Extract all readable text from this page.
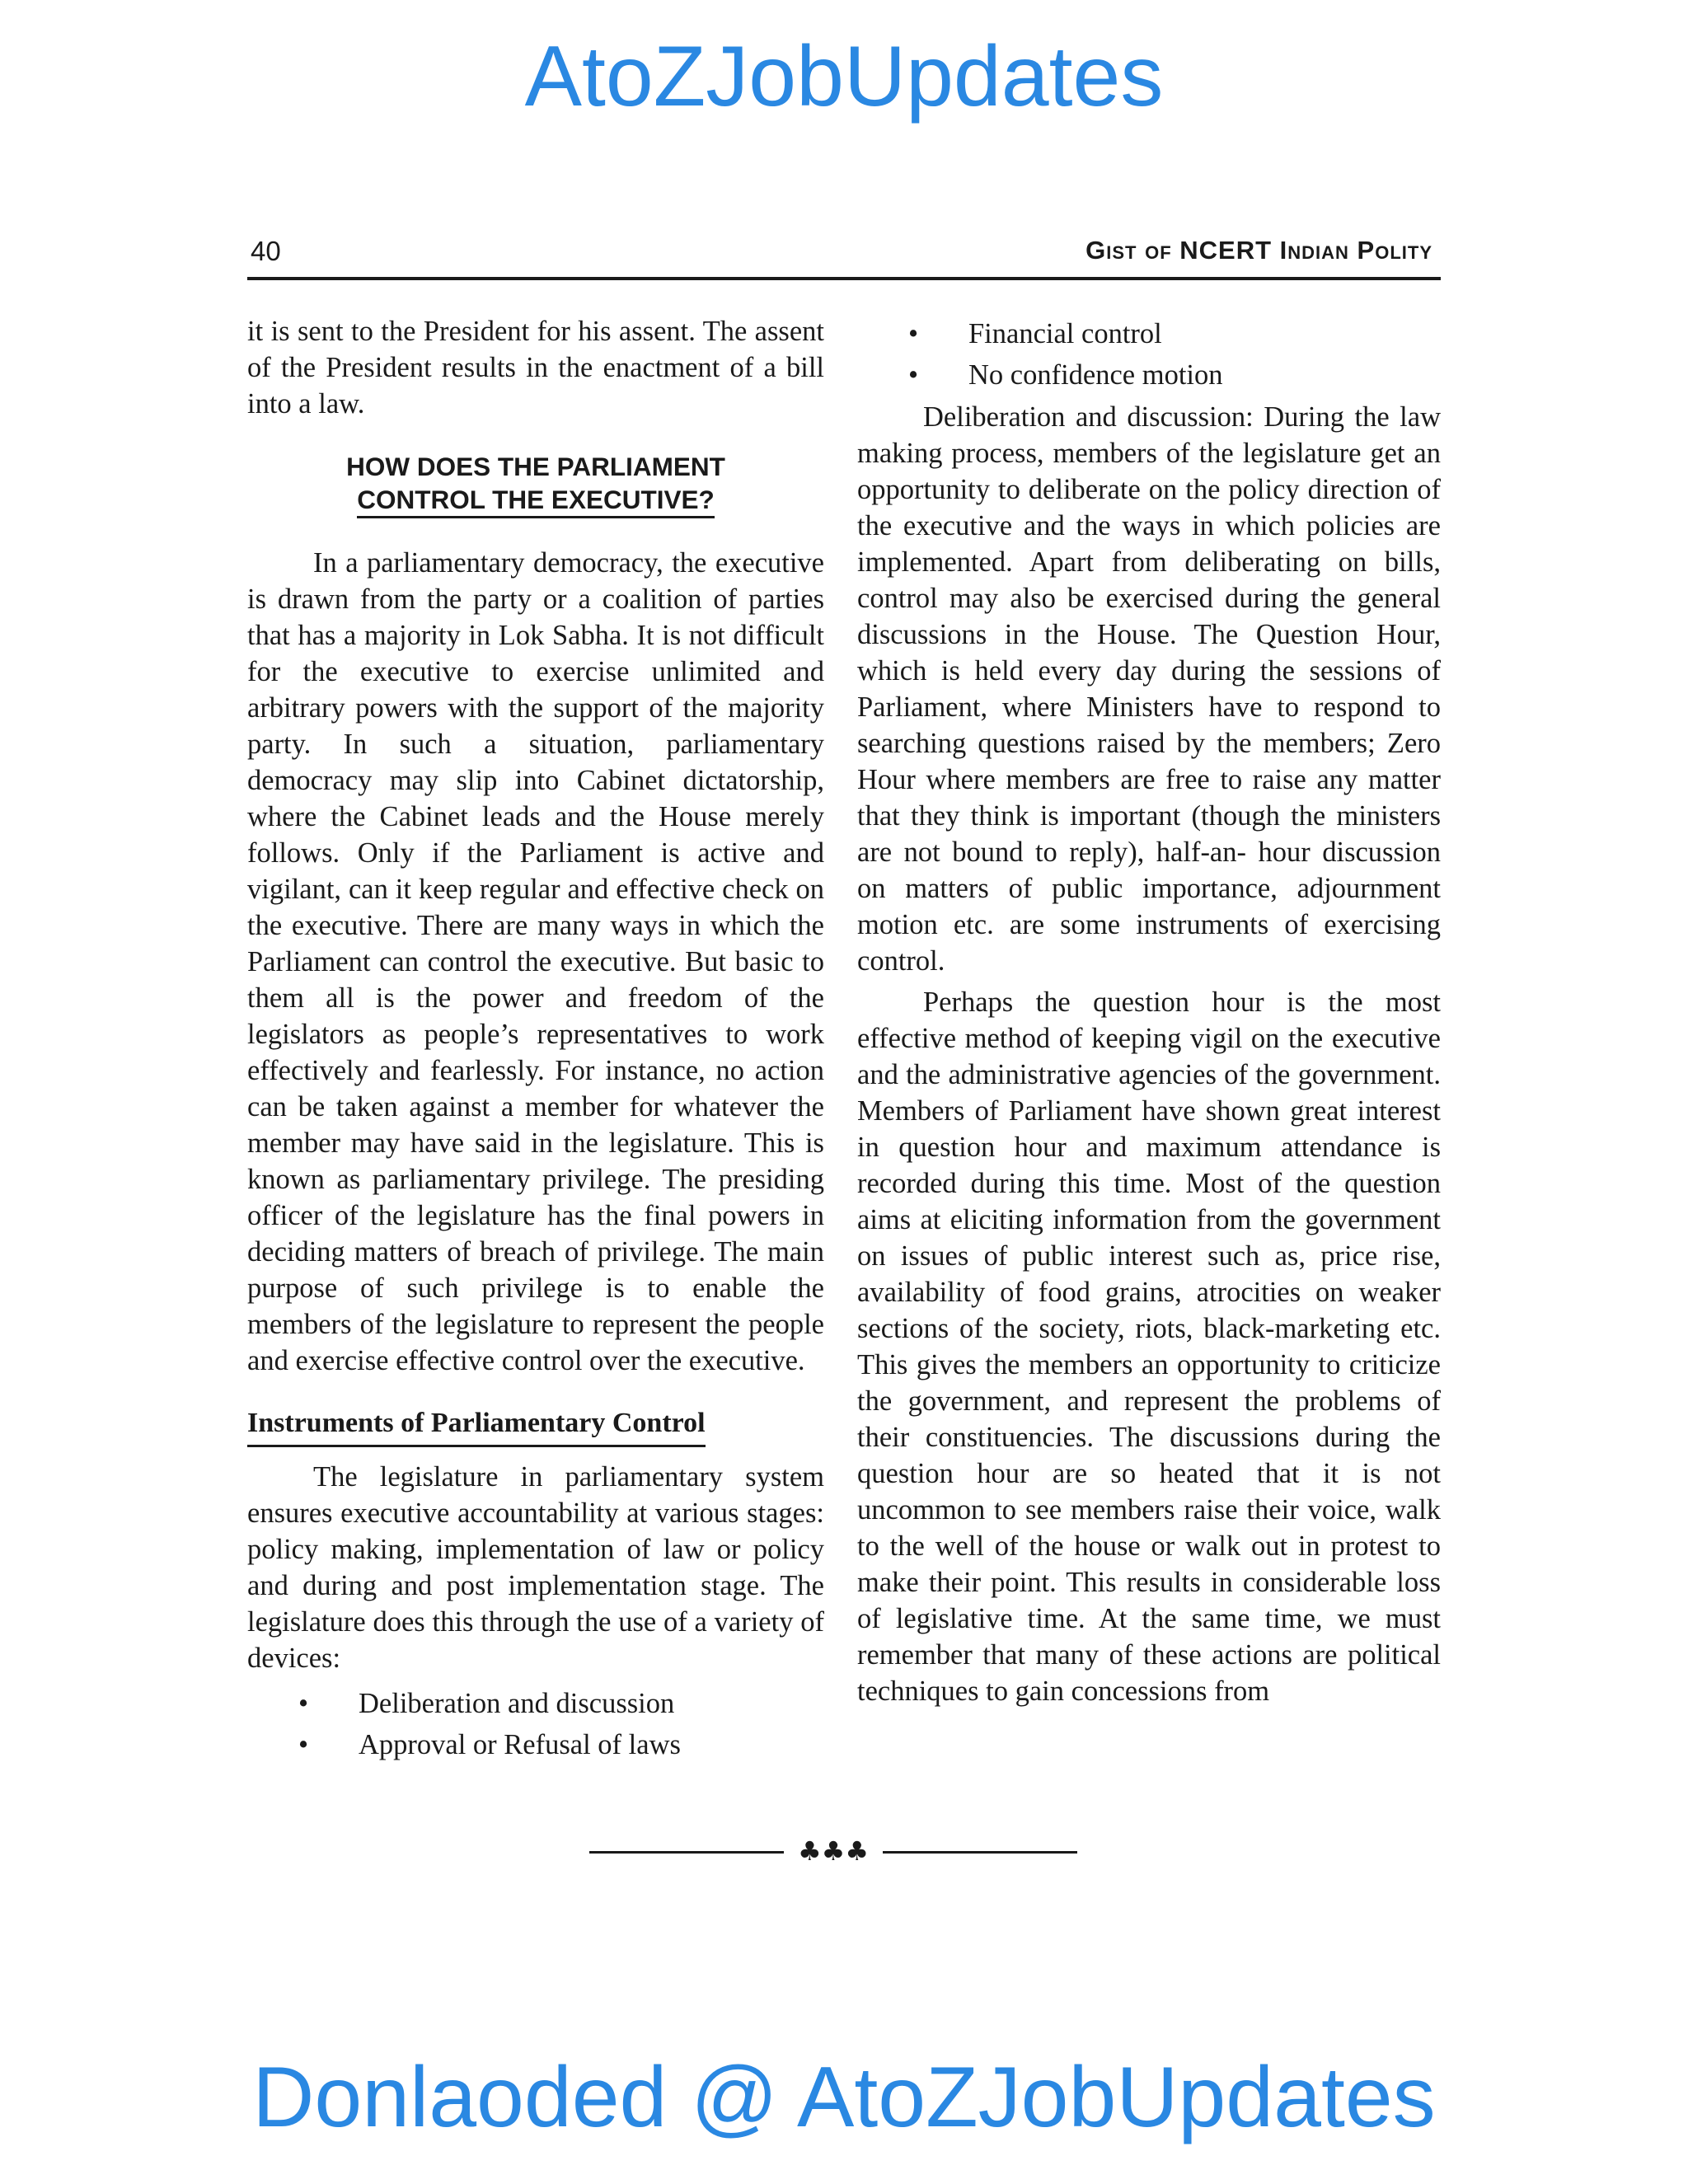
AtoZJobUpdates
40	Gist of NCERT Indian Polity

it is sent to the President for his assent. The assent of the President results in the enactment of a bill into a law.

HOW DOES THE PARLIAMENT
CONTROL THE EXECUTIVE?

In a parliamentary democracy, the executive is drawn from the party or a coalition of parties that has a majority in Lok Sabha. It is not difficult for the executive to exercise unlimited and arbitrary powers with the support of the majority party. In such a situation, parliamentary democracy may slip into Cabinet dictatorship, where the Cabinet leads and the House merely follows. Only if the Parliament is active and vigilant, can it keep regular and effective check on the executive. There are many ways in which the Parliament can control the executive. But basic to them all is the power and freedom of the legislators as people’s representatives to work effectively and fearlessly. For instance, no action can be taken against a member for whatever the member may have said in the legislature. This is known as parliamentary privilege. The presiding officer of the legislature has the final powers in deciding matters of breach of privilege. The main purpose of such privilege is to enable the members of the legislature to represent the people and exercise effective control over the executive.

Instruments of Parliamentary Control

The legislature in parliamentary system ensures executive accountability at various stages: policy making, implementation of law or policy and during and post implementation stage. The legislature does this through the use of a variety of devices:

• Deliberation and discussion
• Approval or Refusal of laws
• Financial control
• No confidence motion

Deliberation and discussion: During the law making process, members of the legislature get an opportunity to deliberate on the policy direction of the executive and the ways in which policies are implemented. Apart from deliberating on bills, control may also be exercised during the general discussions in the House. The Question Hour, which is held every day during the sessions of Parliament, where Ministers have to respond to searching questions raised by the members; Zero Hour where members are free to raise any matter that they think is important (though the ministers are not bound to reply), half-an- hour discussion on matters of public importance, adjournment motion etc. are some instruments of exercising control.

Perhaps the question hour is the most effective method of keeping vigil on the executive and the administrative agencies of the government. Members of Parliament have shown great interest in question hour and maximum attendance is recorded during this time. Most of the question aims at eliciting information from the government on issues of public interest such as, price rise, availability of food grains, atrocities on weaker sections of the society, riots, black-marketing etc. This gives the members an opportunity to criticize the government, and represent the problems of their constituencies. The discussions during the question hour are so heated that it is not uncommon to see members raise their voice, walk to the well of the house or walk out in protest to make their point. This results in considerable loss of legislative time. At the same time, we must remember that many of these actions are political techniques to gain concessions from

♣♣♣
Donlaoded @ AtoZJobUpdates
